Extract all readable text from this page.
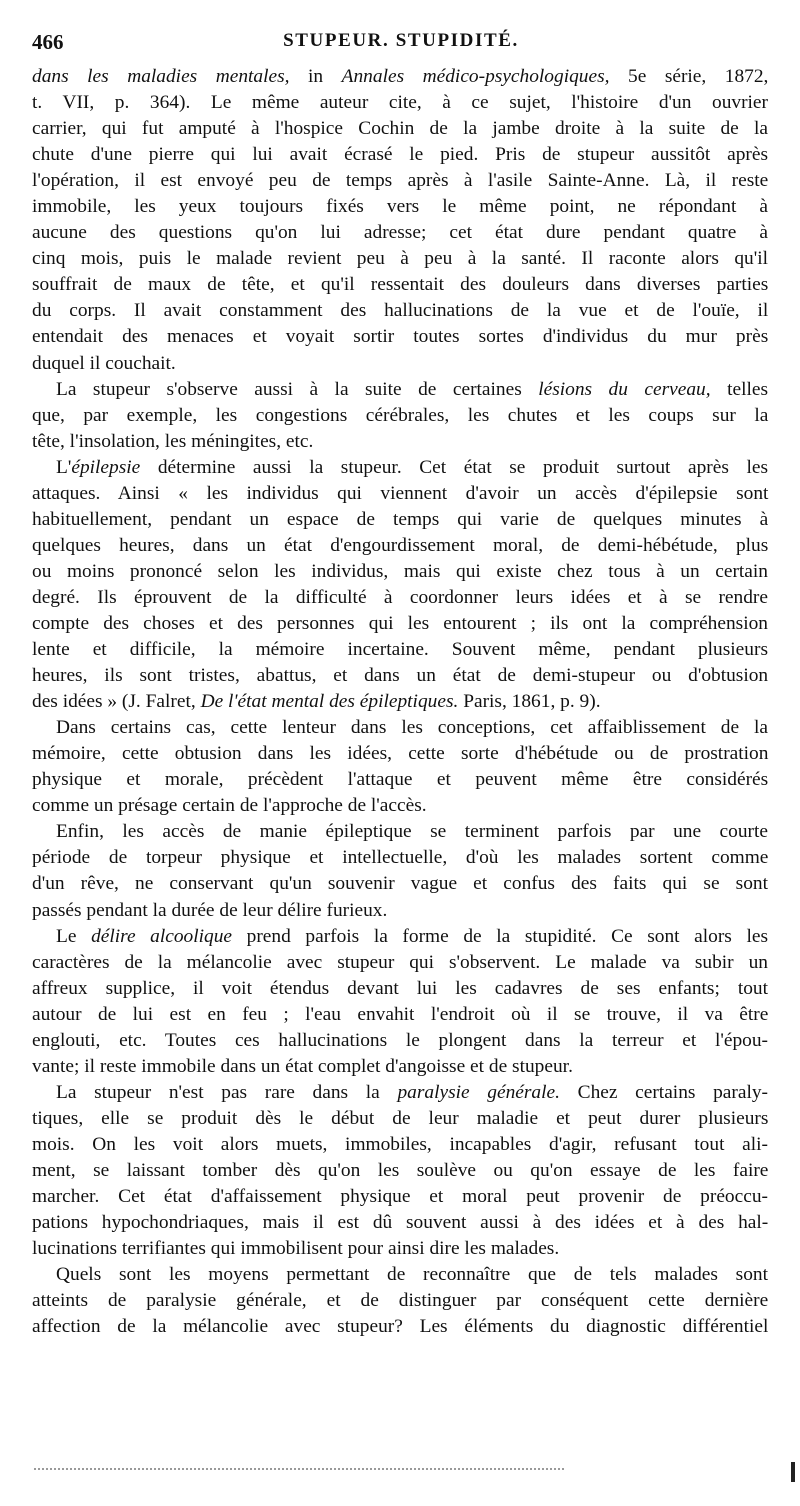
466	STUPEUR. STUPIDITÉ.
dans les maladies mentales, in Annales médico-psychologiques, 5e série, 1872,
t. VII, p. 364). Le même auteur cite, à ce sujet, l'histoire d'un ouvrier
carrier, qui fut amputé à l'hospice Cochin de la jambe droite à la suite de la
chute d'une pierre qui lui avait écrasé le pied. Pris de stupeur aussitôt après
l'opération, il est envoyé peu de temps après à l'asile Sainte-Anne. Là, il reste
immobile, les yeux toujours fixés vers le même point, ne répondant à
aucune des questions qu'on lui adresse; cet état dure pendant quatre à
cinq mois, puis le malade revient peu à peu à la santé. Il raconte alors qu'il
souffrait de maux de tête, et qu'il ressentait des douleurs dans diverses parties
du corps. Il avait constamment des hallucinations de la vue et de l'ouïe, il
entendait des menaces et voyait sortir toutes sortes d'individus du mur près
duquel il couchait.
La stupeur s'observe aussi à la suite de certaines lésions du cerveau, telles
que, par exemple, les congestions cérébrales, les chutes et les coups sur la
tête, l'insolation, les méningites, etc.
L'épilepsie détermine aussi la stupeur. Cet état se produit surtout après les
attaques. Ainsi « les individus qui viennent d'avoir un accès d'épilepsie sont
habituellement, pendant un espace de temps qui varie de quelques minutes à
quelques heures, dans un état d'engourdissement moral, de demi-hébétude, plus
ou moins prononcé selon les individus, mais qui existe chez tous à un certain
degré. Ils éprouvent de la difficulté à coordonner leurs idées et à se rendre
compte des choses et des personnes qui les entourent ; ils ont la compréhension
lente et difficile, la mémoire incertaine. Souvent même, pendant plusieurs
heures, ils sont tristes, abattus, et dans un état de demi-stupeur ou d'obtusion
des idées » (J. Falret, De l'état mental des épileptiques. Paris, 1861, p. 9).
Dans certains cas, cette lenteur dans les conceptions, cet affaiblissement de la
mémoire, cette obtusion dans les idées, cette sorte d'hébétude ou de prostration
physique et morale, précèdent l'attaque et peuvent même être considérés
comme un présage certain de l'approche de l'accès.
Enfin, les accès de manie épileptique se terminent parfois par une courte
période de torpeur physique et intellectuelle, d'où les malades sortent comme
d'un rêve, ne conservant qu'un souvenir vague et confus des faits qui se sont
passés pendant la durée de leur délire furieux.
Le délire alcoolique prend parfois la forme de la stupidité. Ce sont alors les
caractères de la mélancolie avec stupeur qui s'observent. Le malade va subir un
affreux supplice, il voit étendus devant lui les cadavres de ses enfants; tout
autour de lui est en feu ; l'eau envahit l'endroit où il se trouve, il va être
englouti, etc. Toutes ces hallucinations le plongent dans la terreur et l'épou-
vante; il reste immobile dans un état complet d'angoisse et de stupeur.
La stupeur n'est pas rare dans la paralysie générale. Chez certains paraly-
tiques, elle se produit dès le début de leur maladie et peut durer plusieurs
mois. On les voit alors muets, immobiles, incapables d'agir, refusant tout ali-
ment, se laissant tomber dès qu'on les soulève ou qu'on essaye de les faire
marcher. Cet état d'affaissement physique et moral peut provenir de préoccu-
pations hypochondriaques, mais il est dû souvent aussi à des idées et à des hal-
lucinations terrifiantes qui immobilisent pour ainsi dire les malades.
Quels sont les moyens permettant de reconnaître que de tels malades sont
atteints de paralysie générale, et de distinguer par conséquent cette dernière
affection de la mélancolie avec stupeur? Les éléments du diagnostic différentiel
